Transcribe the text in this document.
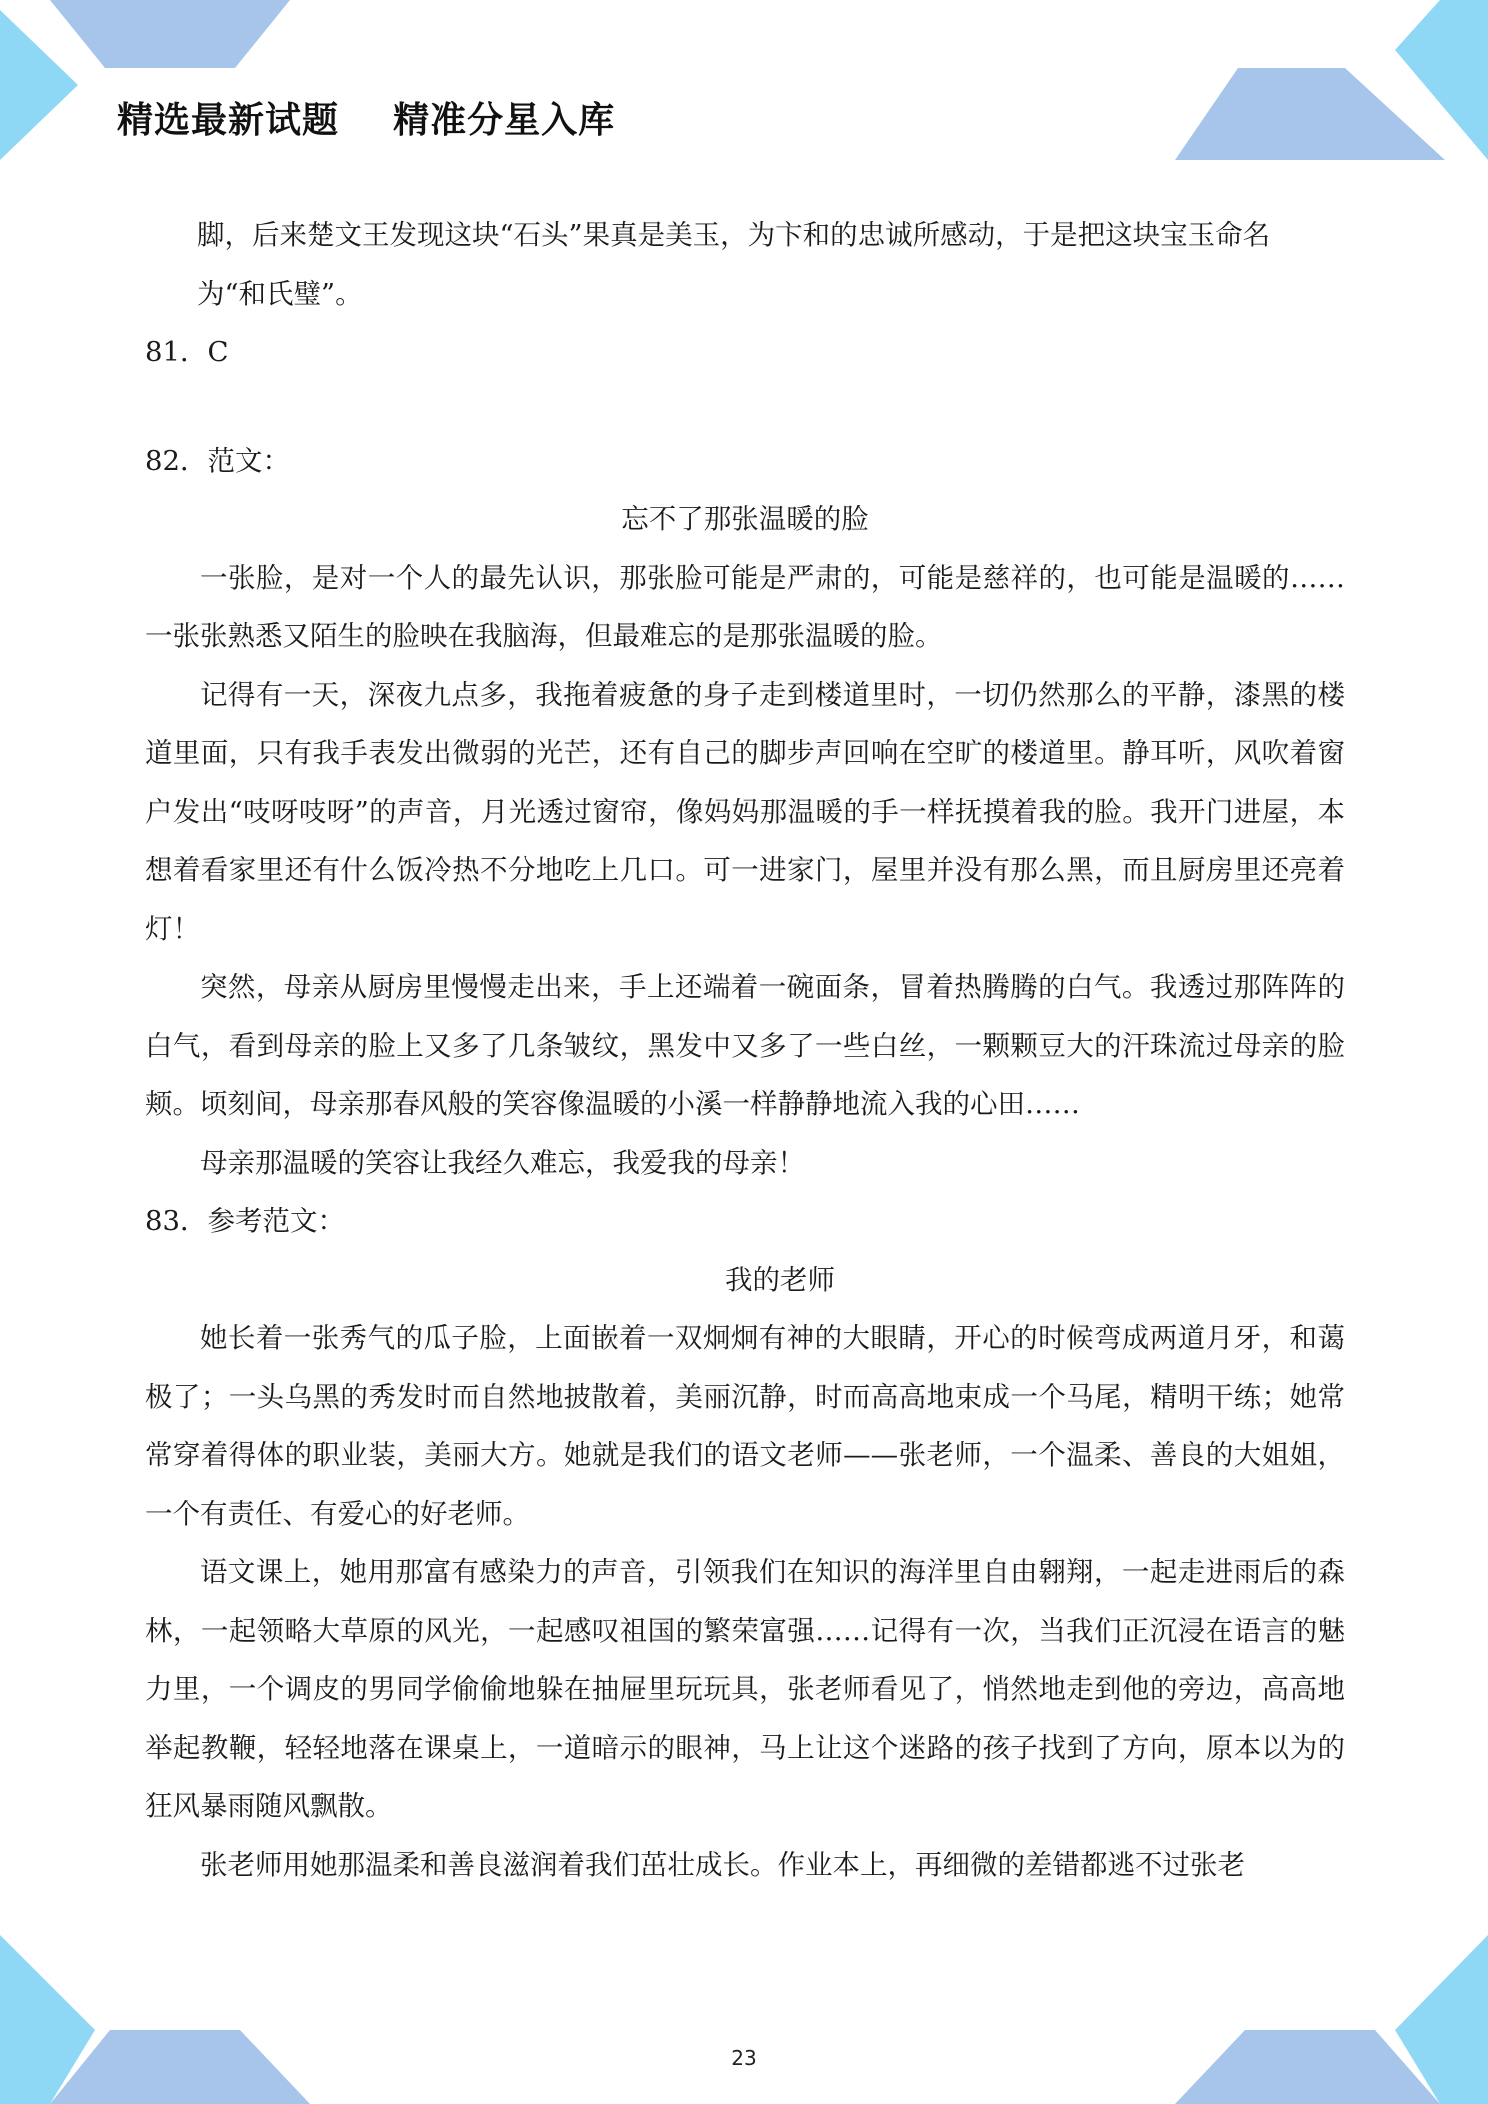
精选最新试题    精准分星入库

脚，后来楚文王发现这块“石头”果真是美玉，为卞和的忠诚所感动，于是把这块宝玉命名

为“和氏璧”。

81．C

82．范文：

忘不了那张温暖的脸

一张脸，是对一个人的最先认识，那张脸可能是严肃的，可能是慈祥的，也可能是温暖的……一张张熟悉又陌生的脸映在我脑海，但最难忘的是那张温暖的脸。

记得有一天，深夜九点多，我拖着疲惫的身子走到楼道里时，一切仍然那么的平静，漆黑的楼道里面，只有我手表发出微弱的光芒，还有自己的脚步声回响在空旷的楼道里。静耳听，风吹着窗户发出“吱呀吱呀”的声音，月光透过窗帘，像妈妈那温暖的手一样抚摸着我的脸。我开门进屋，本想着看家里还有什么饭冷热不分地吃上几口。可一进家门，屋里并没有那么黑，而且厨房里还亮着灯！

突然，母亲从厨房里慢慢走出来，手上还端着一碗面条，冒着热腾腾的白气。我透过那阵阵的白气，看到母亲的脸上又多了几条皱纹，黑发中又多了一些白丝，一颗颗豆大的汗珠流过母亲的脸颊。顷刻间，母亲那春风般的笑容像温暖的小溪一样静静地流入我的心田……

母亲那温暖的笑容让我经久难忘，我爱我的母亲！

83．参考范文：

我的老师

她长着一张秀气的瓜子脸，上面嵌着一双炯炯有神的大眼睛，开心的时候弯成两道月牙，和蔼极了；一头乌黑的秀发时而自然地披散着，美丽沉静，时而高高地束成一个马尾，精明干练；她常常穿着得体的职业装，美丽大方。她就是我们的语文老师——张老师，一个温柔、善良的大姐姐，一个有责任、有爱心的好老师。

语文课上，她用那富有感染力的声音，引领我们在知识的海洋里自由翱翔，一起走进雨后的森林，一起领略大草原的风光，一起感叹祖国的繁荣富强……记得有一次，当我们正沉浸在语言的魅力里，一个调皮的男同学偷偷地躲在抽屉里玩玩具，张老师看见了，悄然地走到他的旁边，高高地举起教鞭，轻轻地落在课桌上，一道暗示的眼神，马上让这个迷路的孩子找到了方向，原本以为的狂风暴雨随风飘散。

张老师用她那温柔和善良滋润着我们茁壮成长。作业本上，再细微的差错都逃不过张老

23
